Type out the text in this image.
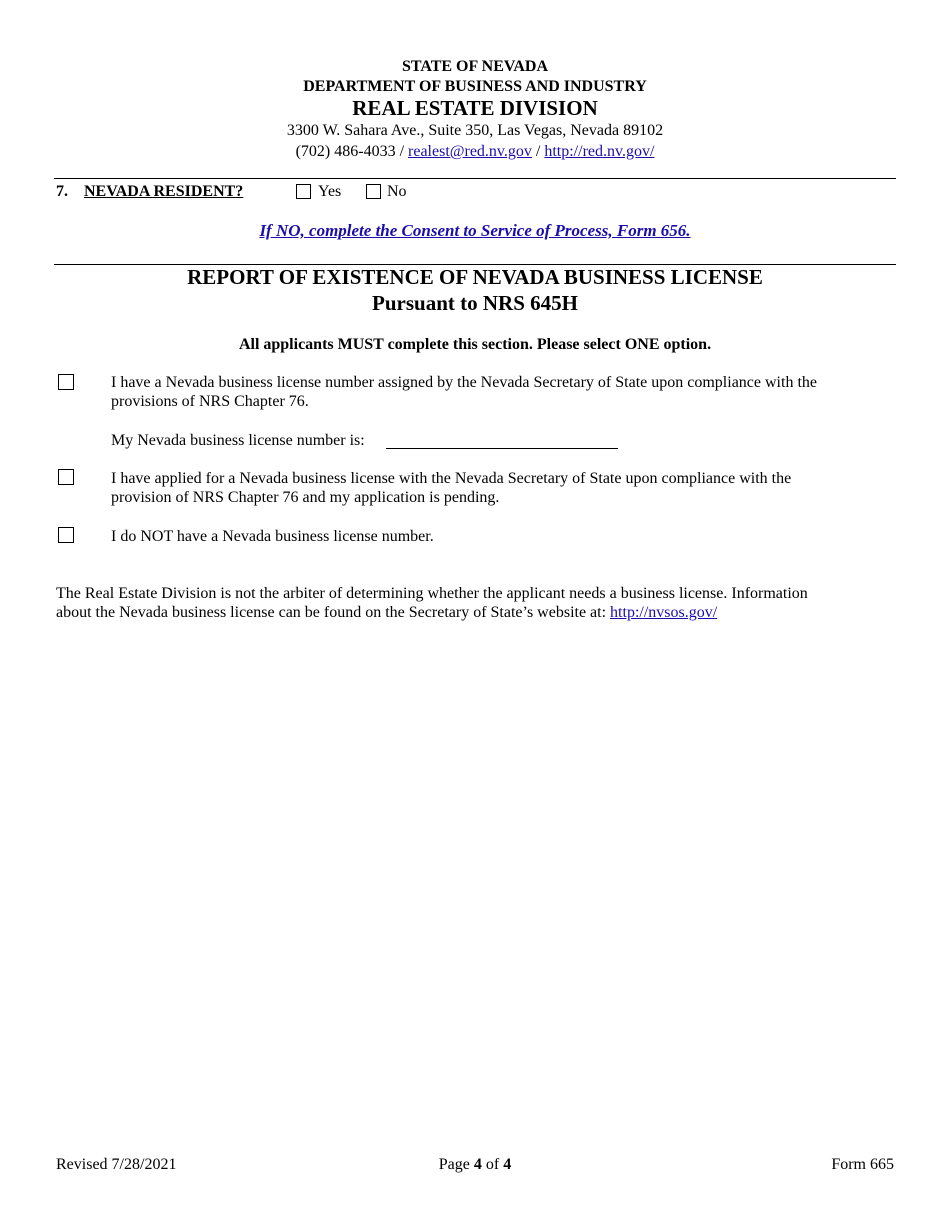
STATE OF NEVADA
DEPARTMENT OF BUSINESS AND INDUSTRY
REAL ESTATE DIVISION
3300 W. Sahara Ave., Suite 350, Las Vegas, Nevada 89102
(702) 486-4033 / realest@red.nv.gov / http://red.nv.gov/
7. NEVADA RESIDENT?	Yes	No
If NO, complete the Consent to Service of Process, Form 656.
REPORT OF EXISTENCE OF NEVADA BUSINESS LICENSE
Pursuant to NRS 645H
All applicants MUST complete this section. Please select ONE option.
I have a Nevada business license number assigned by the Nevada Secretary of State upon compliance with the
provisions of NRS Chapter 76.
My Nevada business license number is:
I have applied for a Nevada business license with the Nevada Secretary of State upon compliance with the
provision of NRS Chapter 76 and my application is pending.
I do NOT have a Nevada business license number.
The Real Estate Division is not the arbiter of determining whether the applicant needs a business license. Information
about the Nevada business license can be found on the Secretary of State’s website at: http://nvsos.gov/
Revised 7/28/2021	Page 4 of 4	Form 665
